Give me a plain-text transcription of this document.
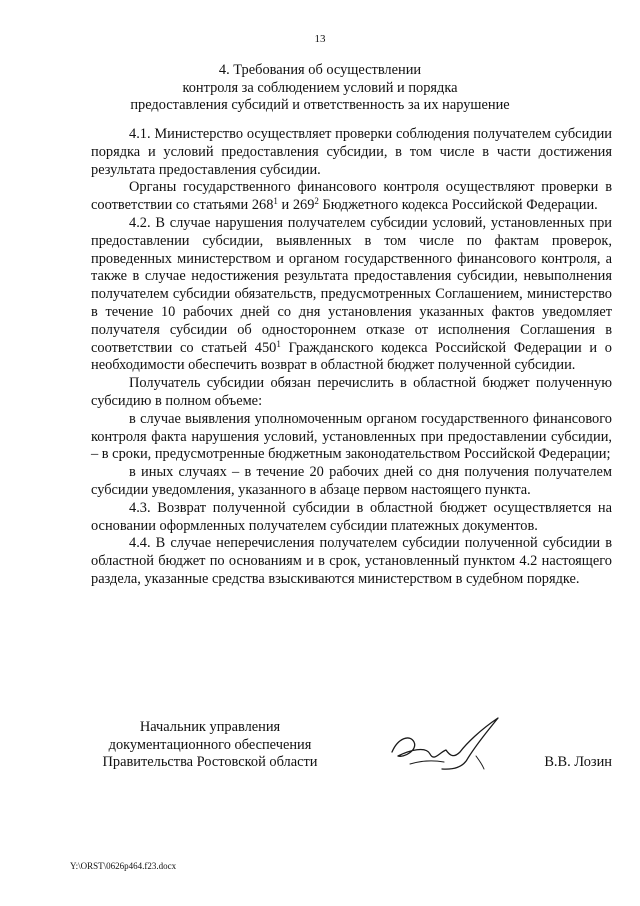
13
4. Требования об осуществлении
контроля за соблюдением условий и порядка
предоставления субсидий и ответственность за их нарушение

4.1. Министерство осуществляет проверки соблюдения получателем субсидии порядка и условий предоставления субсидии, в том числе в части достижения результата предоставления субсидии.

Органы государственного финансового контроля осуществляют проверки в соответствии со статьями $268^1$ и $269^2$ Бюджетного кодекса Российской Федерации.

4.2. В случае нарушения получателем субсидии условий, установленных при предоставлении субсидии, выявленных в том числе по фактам проверок, проведенных министерством и органом государственного финансового контроля, а также в случае недостижения результата предоставления субсидии, невыполнения получателем субсидии обязательств, предусмотренных Соглашением, министерство в течение 10 рабочих дней со дня установления указанных фактов уведомляет получателя субсидии об одностороннем отказе от исполнения Соглашения в соответствии со статьей $450^1$ Гражданского кодекса Российской Федерации и о необходимости обеспечить возврат в областной бюджет полученной субсидии.

Получатель субсидии обязан перечислить в областной бюджет полученную субсидию в полном объеме:

в случае выявления уполномоченным органом государственного финансового контроля факта нарушения условий, установленных при предоставлении субсидии, – в сроки, предусмотренные бюджетным законодательством Российской Федерации;

в иных случаях – в течение 20 рабочих дней со дня получения получателем субсидии уведомления, указанного в абзаце первом настоящего пункта.

4.3. Возврат полученной субсидии в областной бюджет осуществляется на основании оформленных получателем субсидии платежных документов.

4.4. В случае неперечисления получателем субсидии полученной субсидии в областной бюджет по основаниям и в срок, установленный пунктом 4.2 настоящего раздела, указанные средства взыскиваются министерством в судебном порядке.

Начальник управления
документационного обеспечения
Правительства Ростовской области	В.В. Лозин
Y:\ORST\0626p464.f23.docx
